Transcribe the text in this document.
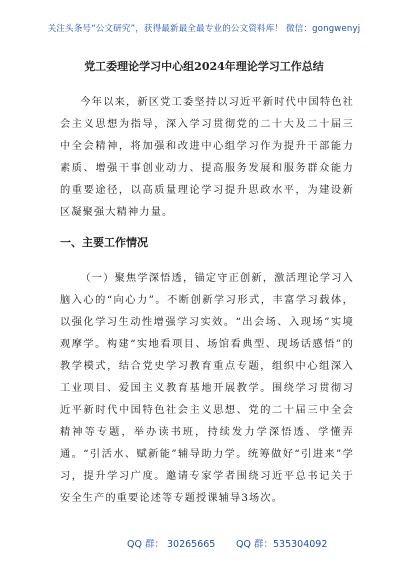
关注头条号“公文研究”，获得最新最全最专业的公文资料库！ 微信：gongwenyj
党工委理论学习中心组2024年理论学习工作总结
今年以来，新区党工委坚持以习近平新时代中国特色社会主义思想为指导，深入学习贯彻党的二十大及二十届三中全会精神，将加强和改进中心组学习作为提升干部能力素质、增强干事创业动力、提高服务发展和服务群众能力的重要途径，以高质量理论学习提升思政水平，为建设新区凝聚强大精神力量。
一、主要工作情况
（一）聚焦学深悟透，锚定守正创新，激活理论学习入脑入心的“向心力”。不断创新学习形式，丰富学习载体，以强化学习生动性增强学习实效。“出会场、入现场”实境观摩学。构建“实地看项目、场馆看典型、现场话感悟”的教学模式，结合党史学习教育重点专题，组织中心组深入工业项目、爱国主义教育基地开展教学。围绕学习贯彻习近平新时代中国特色社会主义思想、党的二十届三中全会精神等专题，举办读书班，持续发力学深悟透、学懂弄通。“引活水、赋新能”辅导助力学。统筹做好“引进来”学习，提升学习广度。邀请专家学者围绕习近平总书记关于安全生产的重要论述等专题授课辅导3场次。
QQ 群： 30265665 QQ 群：535304092
